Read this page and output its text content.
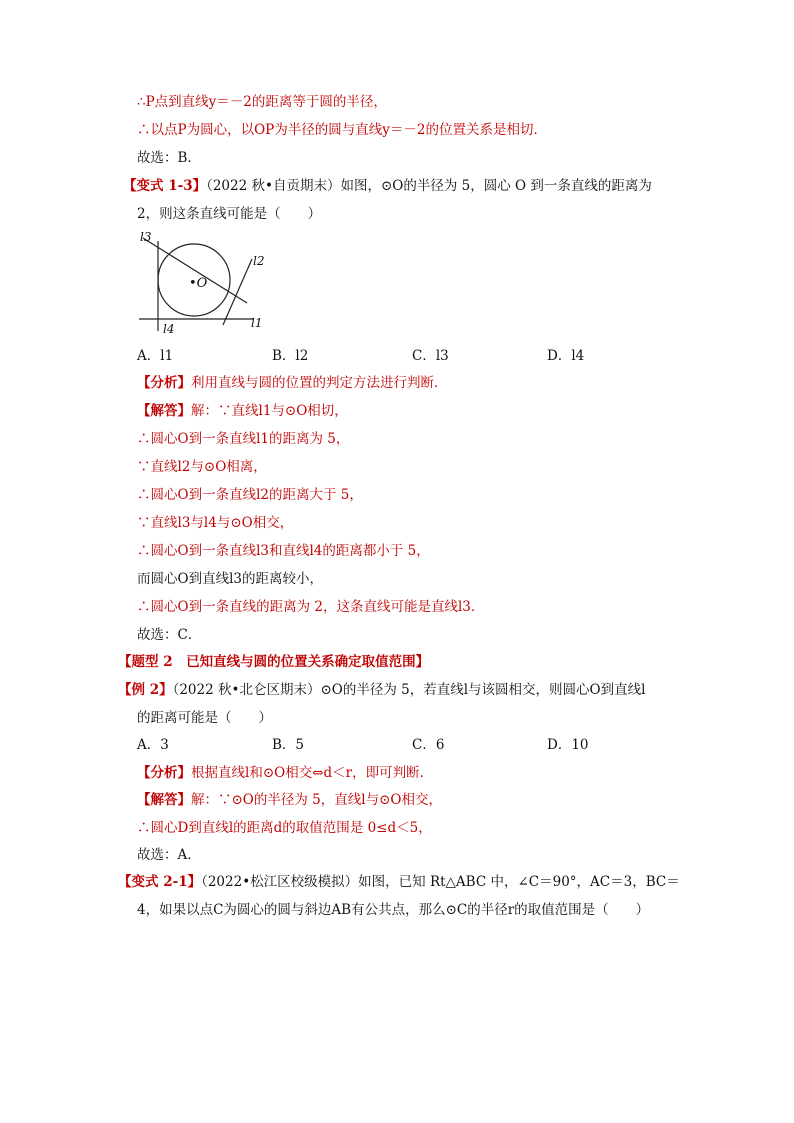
∴P点到直线y＝－2的距离等于圆的半径，
∴以点P为圆心，以OP为半径的圆与直线y＝－2的位置关系是相切．
故选：B．
【变式 1-3】（2022 秋•自贡期末）如图，⊙O的半径为 5，圆心 O 到一条直线的距离为
2，则这条直线可能是（　　）
l3
l2
l1
l4
•O
A．l1	B．l2	C．l3	D．l4
【分析】利用直线与圆的位置的判定方法进行判断．
【解答】解：∵直线l1与⊙O相切，
∴圆心O到一条直线l1的距离为 5，
∵直线l2与⊙O相离，
∴圆心O到一条直线l2的距离大于 5，
∵直线l3与l4与⊙O相交，
∴圆心O到一条直线l3和直线l4的距离都小于 5，
而圆心O到直线l3的距离较小，
∴圆心O到一条直线的距离为 2，这条直线可能是直线l3．
故选：C．
【题型 2　已知直线与圆的位置关系确定取值范围】
【例 2】（2022 秋•北仑区期末）⊙O的半径为 5，若直线l与该圆相交，则圆心O到直线l
的距离可能是（　　）
A．3	B．5	C．6	D．10
【分析】根据直线l和⊙O相交⇔d＜r，即可判断．
【解答】解：∵⊙O的半径为 5，直线l与⊙O相交，
∴圆心D到直线l的距离d的取值范围是 0≤d＜5，
故选：A．
【变式 2-1】（2022•松江区校级模拟）如图，已知 Rt△ABC 中，∠C＝90°，AC＝3，BC＝
4，如果以点C为圆心的圆与斜边AB有公共点，那么⊙C的半径r的取值范围是（　　）
